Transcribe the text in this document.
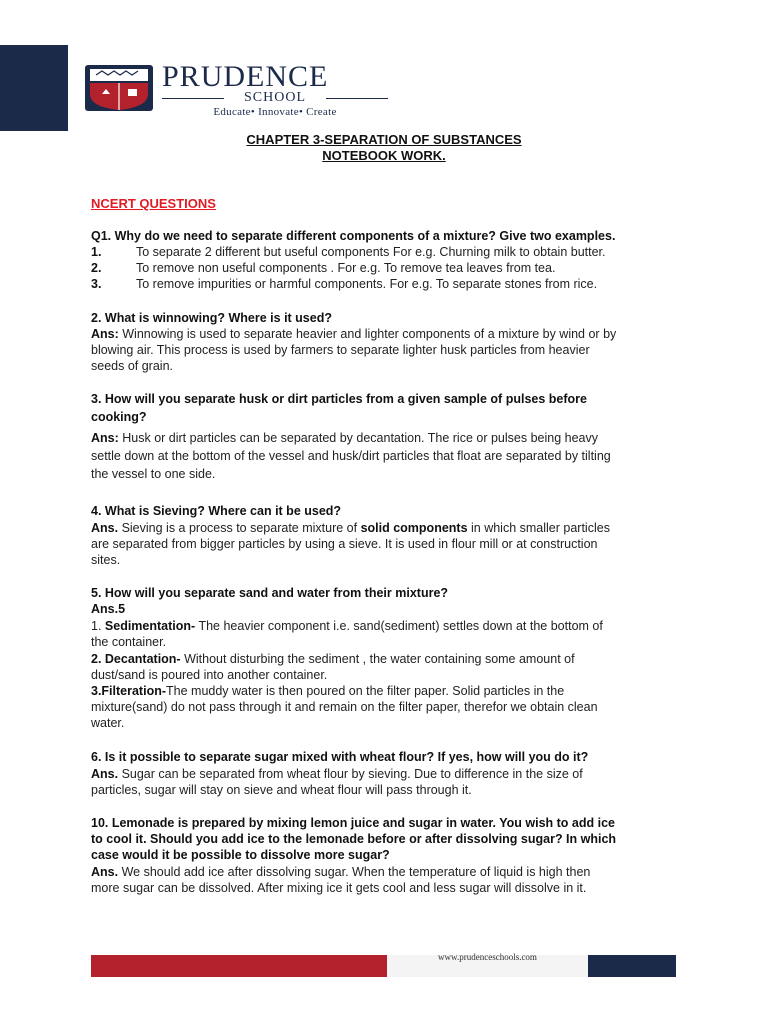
PRUDENCE
SCHOOL
Educate• Innovate• Create
CHAPTER 3-SEPARATION OF SUBSTANCES
NOTEBOOK WORK.
NCERT QUESTIONS
Q1. Why do we need to separate different components of a mixture? Give two examples.
1.	To separate 2 different but useful components For e.g. Churning milk to obtain butter.
2.	To remove non useful components . For e.g. To remove tea leaves from tea.
3.	To remove impurities or harmful components. For e.g. To separate stones from rice.
2. What is winnowing? Where is it used?
Ans: Winnowing is used to separate heavier and lighter components of a mixture by wind or by
blowing air. This process is used by farmers to separate lighter husk particles from heavier
seeds of grain.
3. How will you separate husk or dirt particles from a given sample of pulses before
cooking?
Ans: Husk or dirt particles can be separated by decantation. The rice or pulses being heavy
settle down at the bottom of the vessel and husk/dirt particles that float are separated by tilting
the vessel to one side.
4. What is Sieving? Where can it be used?
Ans. Sieving is a process to separate mixture of solid components in which smaller particles
are separated from bigger particles by using a sieve. It is used in flour mill or at construction
sites.
5. How will you separate sand and water from their mixture?
Ans.5
1. Sedimentation- The heavier component i.e. sand(sediment) settles down at the bottom of
the container.
2. Decantation- Without disturbing the sediment , the water containing some amount of
dust/sand is poured into another container.
3.Filteration-The muddy water is then poured on the filter paper. Solid particles in the
mixture(sand) do not pass through it and remain on the filter paper, therefor we obtain clean
water.
6. Is it possible to separate sugar mixed with wheat flour? If yes, how will you do it?
Ans. Sugar can be separated from wheat flour by sieving. Due to difference in the size of
particles, sugar will stay on sieve and wheat flour will pass through it.
10. Lemonade is prepared by mixing lemon juice and sugar in water. You wish to add ice
to cool it. Should you add ice to the lemonade before or after dissolving sugar? In which
case would it be possible to dissolve more sugar?
Ans. We should add ice after dissolving sugar. When the temperature of liquid is high then
more sugar can be dissolved. After mixing ice it gets cool and less sugar will dissolve in it.
www.prudenceschools.com
